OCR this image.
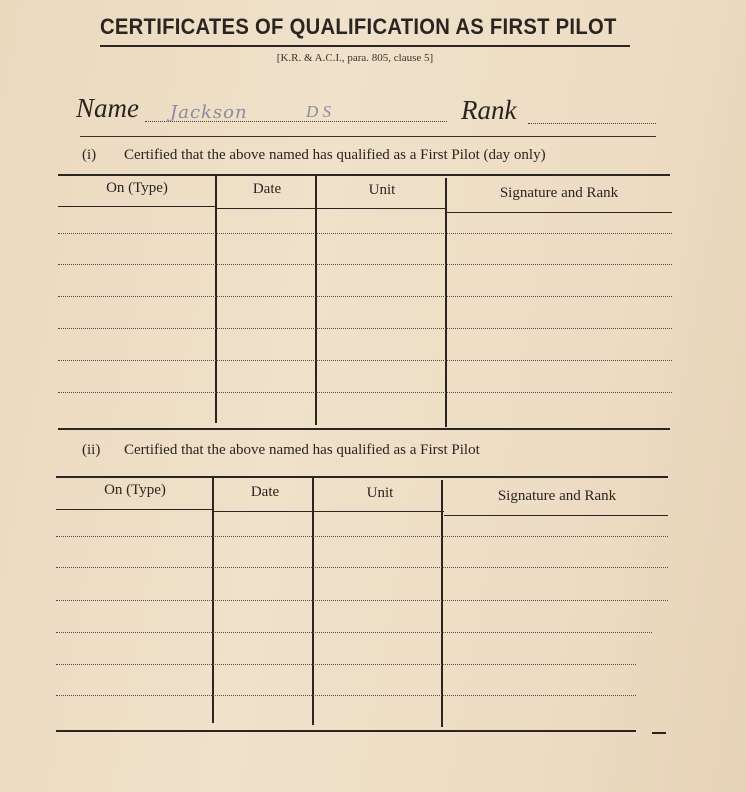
CERTIFICATES OF QUALIFICATION AS FIRST PILOT
[K.R. & A.C.I., para. 805, clause 5]
Name Jackson	D S	Rank
(i) Certified that the above named has qualified as a First Pilot (day only)
On (Type)	Date	Unit	Signature and Rank
(ii) Certified that the above named has qualified as a First Pilot
On (Type)	Date	Unit	Signature and Rank
